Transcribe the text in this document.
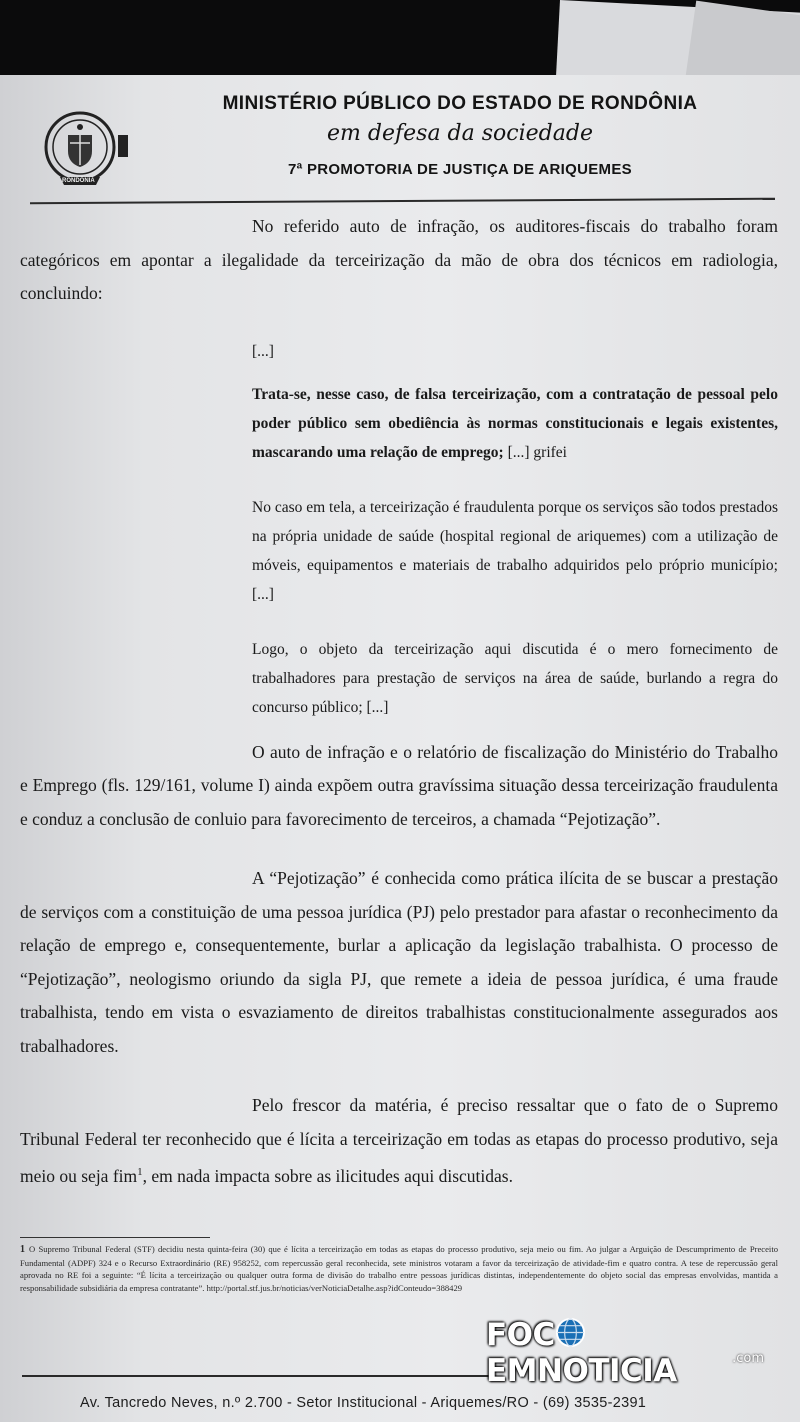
RONDÔNIA
MINISTÉRIO PÚBLICO DO ESTADO DE RONDÔNIA
em defesa da sociedade
7ª PROMOTORIA DE JUSTIÇA DE ARIQUEMES

No referido auto de infração, os auditores-fiscais do trabalho foram categóricos em apontar a ilegalidade da terceirização da mão de obra dos técnicos em radiologia, concluindo:

[...]
Trata-se, nesse caso, de falsa terceirização, com a contratação de pessoal pelo poder público sem obediência às normas constitucionais e legais existentes, mascarando uma relação de emprego; [...] grifei
No caso em tela, a terceirização é fraudulenta porque os serviços são todos prestados na própria unidade de saúde (hospital regional de ariquemes) com a utilização de móveis, equipamentos e materiais de trabalho adquiridos pelo próprio município; [...]
Logo, o objeto da terceirização aqui discutida é o mero fornecimento de trabalhadores para prestação de serviços na área de saúde, burlando a regra do concurso público; [...]

O auto de infração e o relatório de fiscalização do Ministério do Trabalho e Emprego (fls. 129/161, volume I) ainda expõem outra gravíssima situação dessa terceirização fraudulenta e conduz a conclusão de conluio para favorecimento de terceiros, a chamada “Pejotização”.

A “Pejotização” é conhecida como prática ilícita de se buscar a prestação de serviços com a constituição de uma pessoa jurídica (PJ) pelo prestador para afastar o reconhecimento da relação de emprego e, consequentemente, burlar a aplicação da legislação trabalhista. O processo de “Pejotização”, neologismo oriundo da sigla PJ, que remete a ideia de pessoa jurídica, é uma fraude trabalhista, tendo em vista o esvaziamento de direitos trabalhistas constitucionalmente assegurados aos trabalhadores.

Pelo frescor da matéria, é preciso ressaltar que o fato de o Supremo Tribunal Federal ter reconhecido que é lícita a terceirização em todas as etapas do processo produtivo, seja meio ou seja fim$^1$, em nada impacta sobre as ilicitudes aqui discutidas.

1 O Supremo Tribunal Federal (STF) decidiu nesta quinta-feira (30) que é lícita a terceirização em todas as etapas do processo produtivo, seja meio ou fim. Ao julgar a Arguição de Descumprimento de Preceito Fundamental (ADPF) 324 e o Recurso Extraordinário (RE) 958252, com repercussão geral reconhecida, sete ministros votaram a favor da terceirização de atividade-fim e quatro contra. A tese de repercussão geral aprovada no RE foi a seguinte: “É lícita a terceirização ou qualquer outra forma de divisão do trabalho entre pessoas jurídicas distintas, independentemente do objeto social das empresas envolvidas, mantida a responsabilidade subsidiária da empresa contratante”. http://portal.stf.jus.br/noticias/verNoticiaDetalhe.asp?idConteudo=388429
Av. Tancredo Neves, n.º 2.700 - Setor Institucional - Ariquemes/RO - (69) 3535-2391
FOCEMNOTICIA	.com
